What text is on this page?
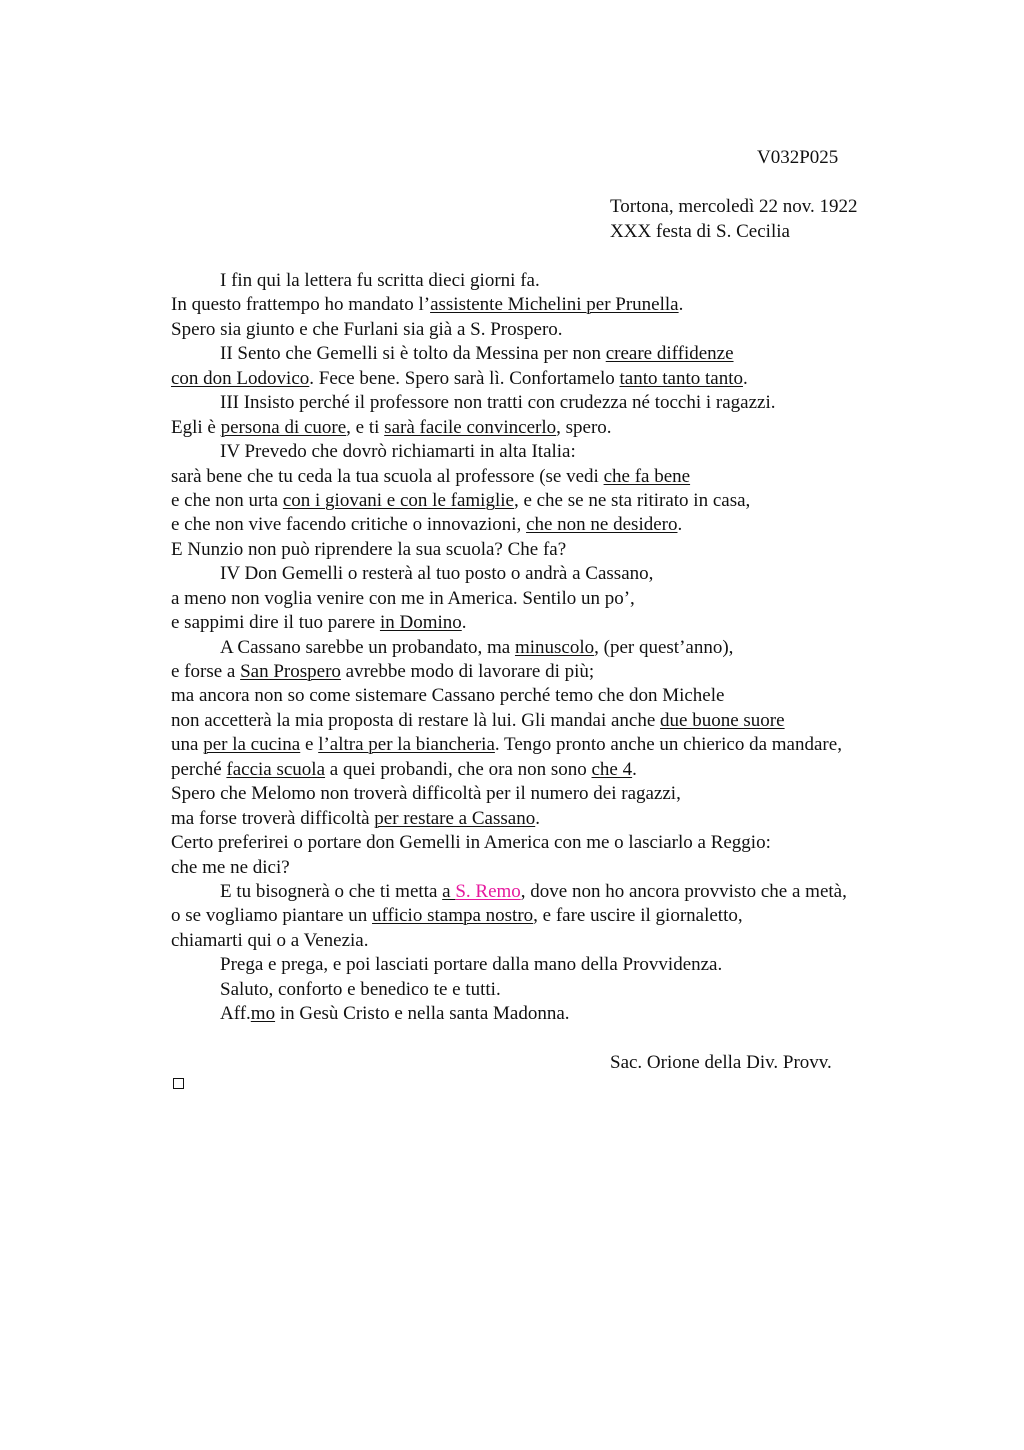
V032P025
Tortona, mercoledì 22 nov. 1922
XXX festa di S. Cecilia
I fin qui la lettera fu scritta dieci giorni fa.
In questo frattempo ho mandato l’assistente Michelini per Prunella.
Spero sia giunto e che Furlani sia già a S. Prospero.
II Sento che Gemelli si è tolto da Messina per non creare diffidenze
con don Lodovico. Fece bene. Spero sarà lì. Confortamelo tanto tanto tanto.
III Insisto perché il professore non tratti con crudezza né tocchi i ragazzi.
Egli è persona di cuore, e ti sarà facile convincerlo, spero.
IV Prevedo che dovrò richiamarti in alta Italia:
sarà bene che tu ceda la tua scuola al professore (se vedi che fa bene
e che non urta con i giovani e con le famiglie, e che se ne sta ritirato in casa,
e che non vive facendo critiche o innovazioni, che non ne desidero.
E Nunzio non può riprendere la sua scuola? Che fa?
IV Don Gemelli o resterà al tuo posto o andrà a Cassano,
a meno non voglia venire con me in America. Sentilo un po’,
e sappimi dire il tuo parere in Domino.
A Cassano sarebbe un probandato, ma minuscolo, (per quest’anno),
e forse a San Prospero avrebbe modo di lavorare di più;
ma ancora non so come sistemare Cassano perché temo che don Michele
non accetterà la mia proposta di restare là lui. Gli mandai anche due buone suore
una per la cucina e l’altra per la biancheria. Tengo pronto anche un chierico da mandare,
perché faccia scuola a quei probandi, che ora non sono che 4.
Spero che Melomo non troverà difficoltà per il numero dei ragazzi,
ma forse troverà difficoltà per restare a Cassano.
Certo preferirei o portare don Gemelli in America con me o lasciarlo a Reggio:
che me ne dici?
E tu bisognerà o che ti metta a S. Remo, dove non ho ancora provvisto che a metà,
o se vogliamo piantare un ufficio stampa nostro, e fare uscire il giornaletto,
chiamarti qui o a Venezia.
Prega e prega, e poi lasciati portare dalla mano della Provvidenza.
Saluto, conforto e benedico te e tutti.
Aff.mo in Gesù Cristo e nella santa Madonna.
Sac. Orione della Div. Provv.
